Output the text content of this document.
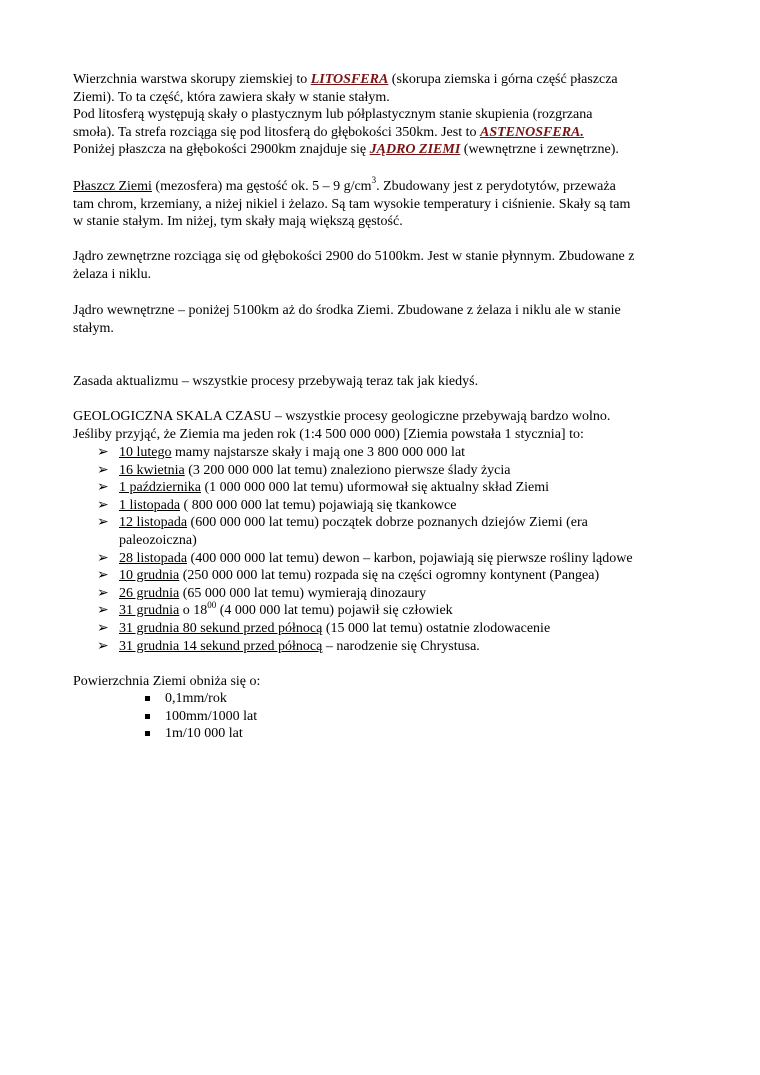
Wierzchnia warstwa skorupy ziemskiej to LITOSFERA (skorupa ziemska i górna część płaszcza
Ziemi). To ta część, która zawiera skały w stanie stałym.
Pod litosferą występują skały o plastycznym lub półplastycznym stanie skupienia (rozgrzana
smoła). Ta strefa rozciąga się pod litosferą do głębokości 350km. Jest to ASTENOSFERA.
Poniżej płaszcza na głębokości 2900km znajduje się JĄDRO ZIEMI (wewnętrzne i zewnętrzne).
Płaszcz Ziemi (mezosfera) ma gęstość ok. 5 – 9 $g/cm^3$. Zbudowany jest z perydotytów, przeważa
tam chrom, krzemiany, a niżej nikiel i żelazo. Są tam wysokie temperatury i ciśnienie. Skały są tam
w stanie stałym. Im niżej, tym skały mają większą gęstość.
Jądro zewnętrzne rozciąga się od głębokości 2900 do 5100km. Jest w stanie płynnym. Zbudowane z
żelaza i niklu.
Jądro wewnętrzne – poniżej 5100km aż do środka Ziemi. Zbudowane z żelaza i niklu ale w stanie
stałym.
Zasada aktualizmu – wszystkie procesy przebywają teraz tak jak kiedyś.
GEOLOGICZNA SKALA CZASU – wszystkie procesy geologiczne przebywają bardzo wolno.
Jeśliby przyjąć, że Ziemia ma jeden rok (1:4 500 000 000) [Ziemia powstała 1 stycznia] to:
➢ 10 lutego mamy najstarsze skały i mają one 3 800 000 000 lat
➢ 16 kwietnia (3 200 000 000 lat temu) znaleziono pierwsze ślady życia
➢ 1 października (1 000 000 000 lat temu) uformował się aktualny skład Ziemi
➢ 1 listopada ( 800 000 000 lat temu) pojawiają się tkankowce
➢ 12 listopada (600 000 000 lat temu) początek dobrze poznanych dziejów Ziemi (era
paleozoiczna)
➢ 28 listopada (400 000 000 lat temu) dewon – karbon, pojawiają się pierwsze rośliny lądowe
➢ 10 grudnia (250 000 000 lat temu) rozpada się na części ogromny kontynent (Pangea)
➢ 26 grudnia (65 000 000 lat temu) wymierają dinozaury
➢ 31 grudnia o $18^{00}$ (4 000 000 lat temu) pojawił się człowiek
➢ 31 grudnia 80 sekund przed północą (15 000 lat temu) ostatnie zlodowacenie
➢ 31 grudnia 14 sekund przed północą – narodzenie się Chrystusa.
Powierzchnia Ziemi obniża się o:
0,1mm/rok
100mm/1000 lat
1m/10 000 lat
